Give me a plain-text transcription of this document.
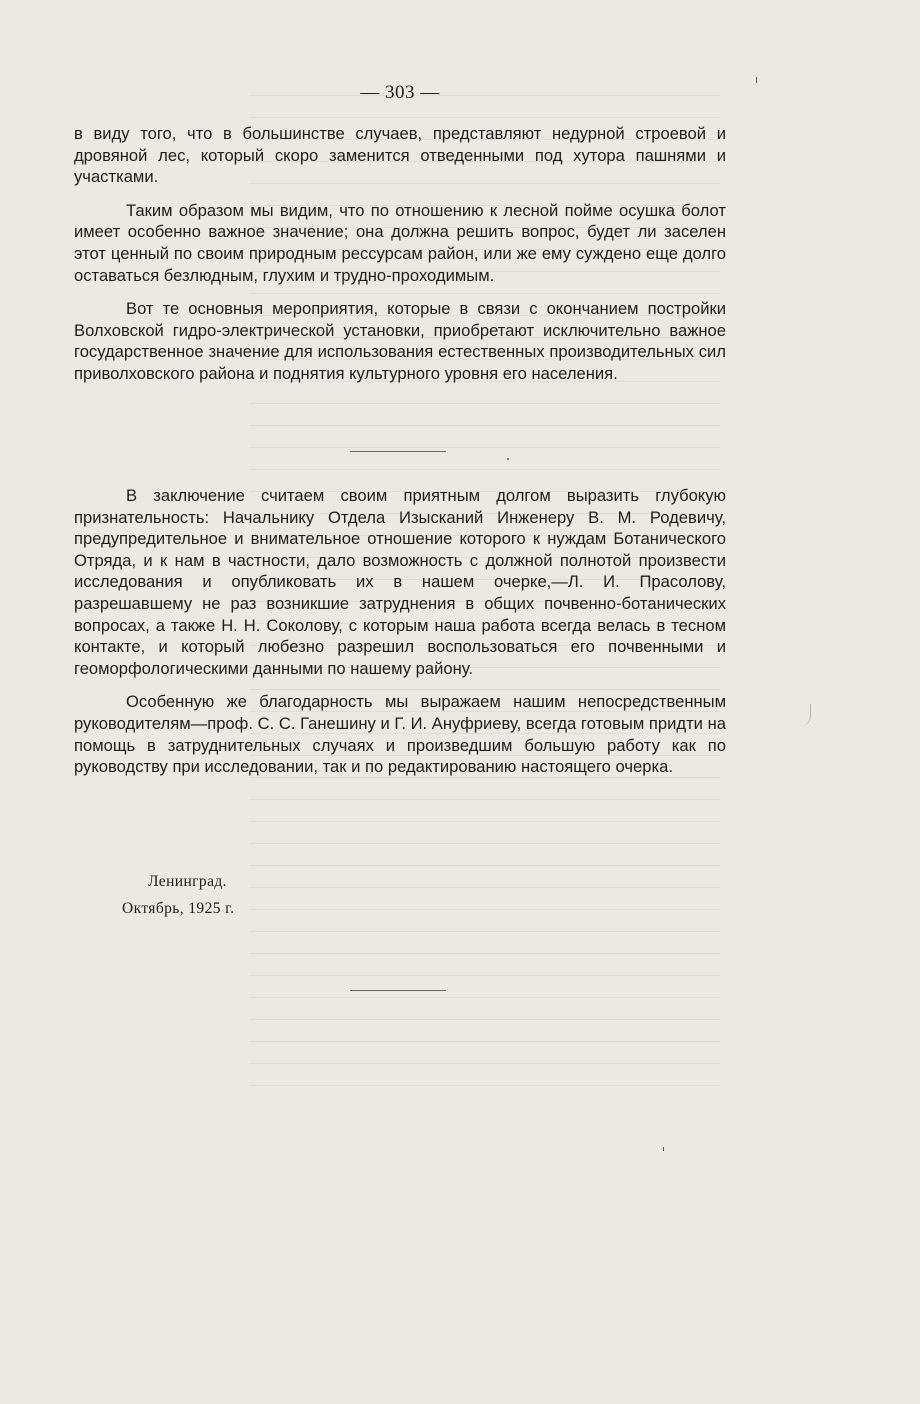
— 303 —

в виду того, что в большинстве случаев, представляют недурной строевой и дровяной лес, который скоро заменится отведенными под хутора пашнями и участками.

Таким образом мы видим, что по отношению к лесной пойме осушка болот имеет особенно важное значение; она должна решить вопрос, будет ли заселен этот ценный по своим природным рессурсам район, или же ему суждено еще долго оставаться безлюдным, глухим и трудно-проходимым.

Вот те основныя мероприятия, которые в связи с окончанием постройки Волховской гидро-электрической установки, приобретают исключительно важное государственное значение для использования естественных производительных сил приволховского района и поднятия культурного уровня его населения.

В заключение считаем своим приятным долгом выразить глубокую признательность: Начальнику Отдела Изысканий Инженеру В. М. Родевичу, предупредительное и внимательное отношение которого к нуждам Ботанического Отряда, и к нам в частности, дало возможность с должной полнотой произвести исследования и опубликовать их в нашем очерке,—Л. И. Прасолову, разрешавшему не раз возникшие затруднения в общих почвенно-ботанических вопросах, а также Н. Н. Соколову, с которым наша работа всегда велась в тесном контакте, и который любезно разрешил воспользоваться его почвенными и геоморфологическими данными по нашему району.

Особенную же благодарность мы выражаем нашим непосредственным руководителям—проф. С. С. Ганешину и Г. И. Ануфриеву, всегда готовым придти на помощь в затруднительных случаях и произведшим большую работу как по руководству при исследовании, так и по редактированию настоящего очерка.

Ленинград.
Октябрь, 1925 г.
